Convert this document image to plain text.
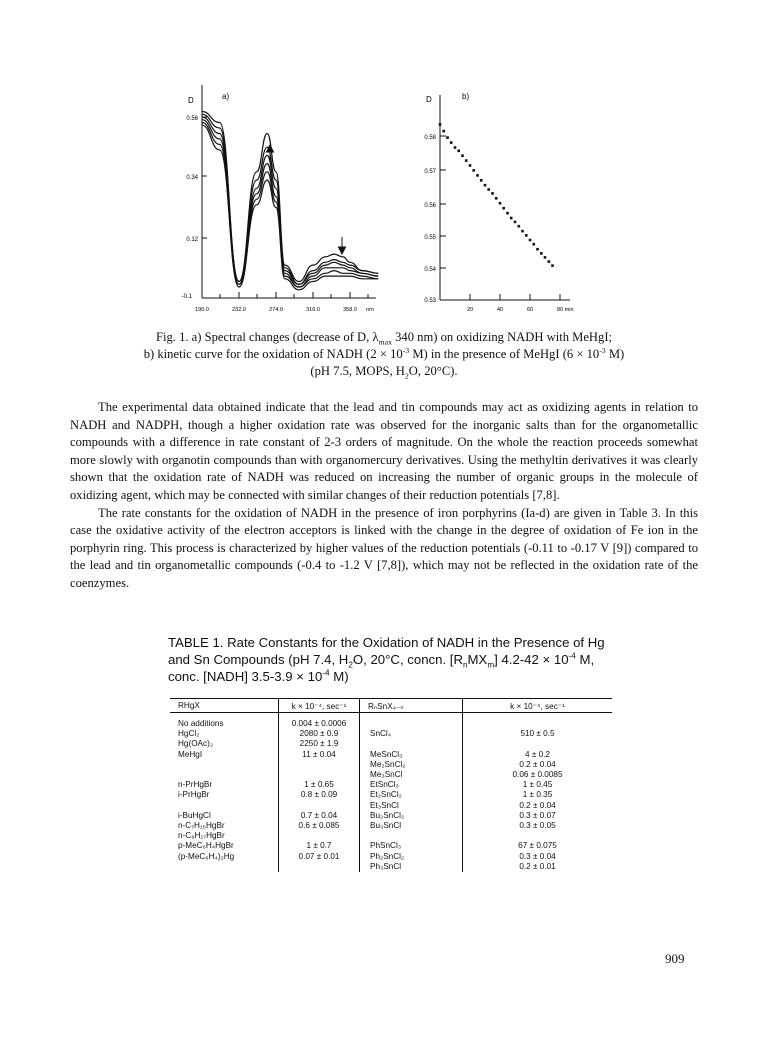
D	a)
0.56
0.34
0.12
-0.1
190.0	232.0	274.0	316.0	358.0 nm
D	b)
0.58
0.57
0.56
0.55
0.54
0.53
20	40	60	80 min
Fig. 1. a) Spectral changes (decrease of D, $\lambda_{max}$ 340 nm) on oxidizing NADH with MeHgI;
b) kinetic curve for the oxidation of NADH ($2 \times 10^{-3}$ M) in the presence of MeHgI ($6 \times 10^{-3}$ M)
(pH 7.5, MOPS, $H_2O$, 20°C).

The experimental data obtained indicate that the lead and tin compounds may act as oxidizing agents in relation to NADH and NADPH, though a higher oxidation rate was observed for the inorganic salts than for the organometallic compounds with a difference in rate constant of 2-3 orders of magnitude. On the whole the reaction proceeds somewhat more slowly with organotin compounds than with organomercury derivatives. Using the methyltin derivatives it was clearly shown that the oxidation rate of NADH was reduced on increasing the number of organic groups in the molecule of oxidizing agent, which may be connected with similar changes of their reduction potentials [7,8].

The rate constants for the oxidation of NADH in the presence of iron porphyrins (Ia-d) are given in Table 3. In this case the oxidative activity of the electron acceptors is linked with the change in the degree of oxidation of Fe ion in the porphyrin ring. This process is characterized by higher values of the reduction potentials (-0.11 to -0.17 V [9]) compared to the lead and tin organometallic compounds (-0.4 to -1.2 V [7,8]), which may not be reflected in the oxidation rate of the coenzymes.

TABLE 1. Rate Constants for the Oxidation of NADH in the Presence of Hg
and Sn Compounds (pH 7.4, $H_2O$, 20°C, concn. $[R_nMX_m] 4.2-42 \times 10^{-4}$ M,
conc. [NADH] $3.5-3.9 \times 10^{-4}$ M)
RHgX	k × 10⁻⁴, sec⁻¹	RₙSnX₄₋ₙ	k × 10⁻⁴, sec⁻¹

No additions	0.004 ± 0.0006		
HgCl₂	2080 ± 0.9	SnCl₄	510 ± 0.5
Hg(OAc)₂	2250 ± 1.9		
MeHgI	11 ± 0.04	MeSnCl₃	4 ± 0.2
		Me₂SnCl₂	0.2 ± 0.04
		Me₃SnCl	0.06 ± 0.0085
n-PrHgBr	1 ± 0.65	EtSnCl₃	1 ± 0.45
i-PrHgBr	0.8 ± 0.09	Et₂SnCl₂	1 ± 0.35
		Et₃SnCl	0.2 ± 0.04
i-BuHgCl	0.7 ± 0.04	Bu₂SnCl₂	0.3 ± 0.07
n-C₇H₁₅HgBr	0.6 ± 0.085	Bu₃SnCl	0.3 ± 0.05
n-C₈H₁₇HgBr			
p-MeC₆H₄HgBr	1 ± 0.7	PhSnCl₃	67 ± 0.075
(p-MeC₆H₄)₂Hg	0.07 ± 0.01	Ph₂SnCl₂	0.3 ± 0.04
		Ph₃SnCl	0.2 ± 0.01
909
